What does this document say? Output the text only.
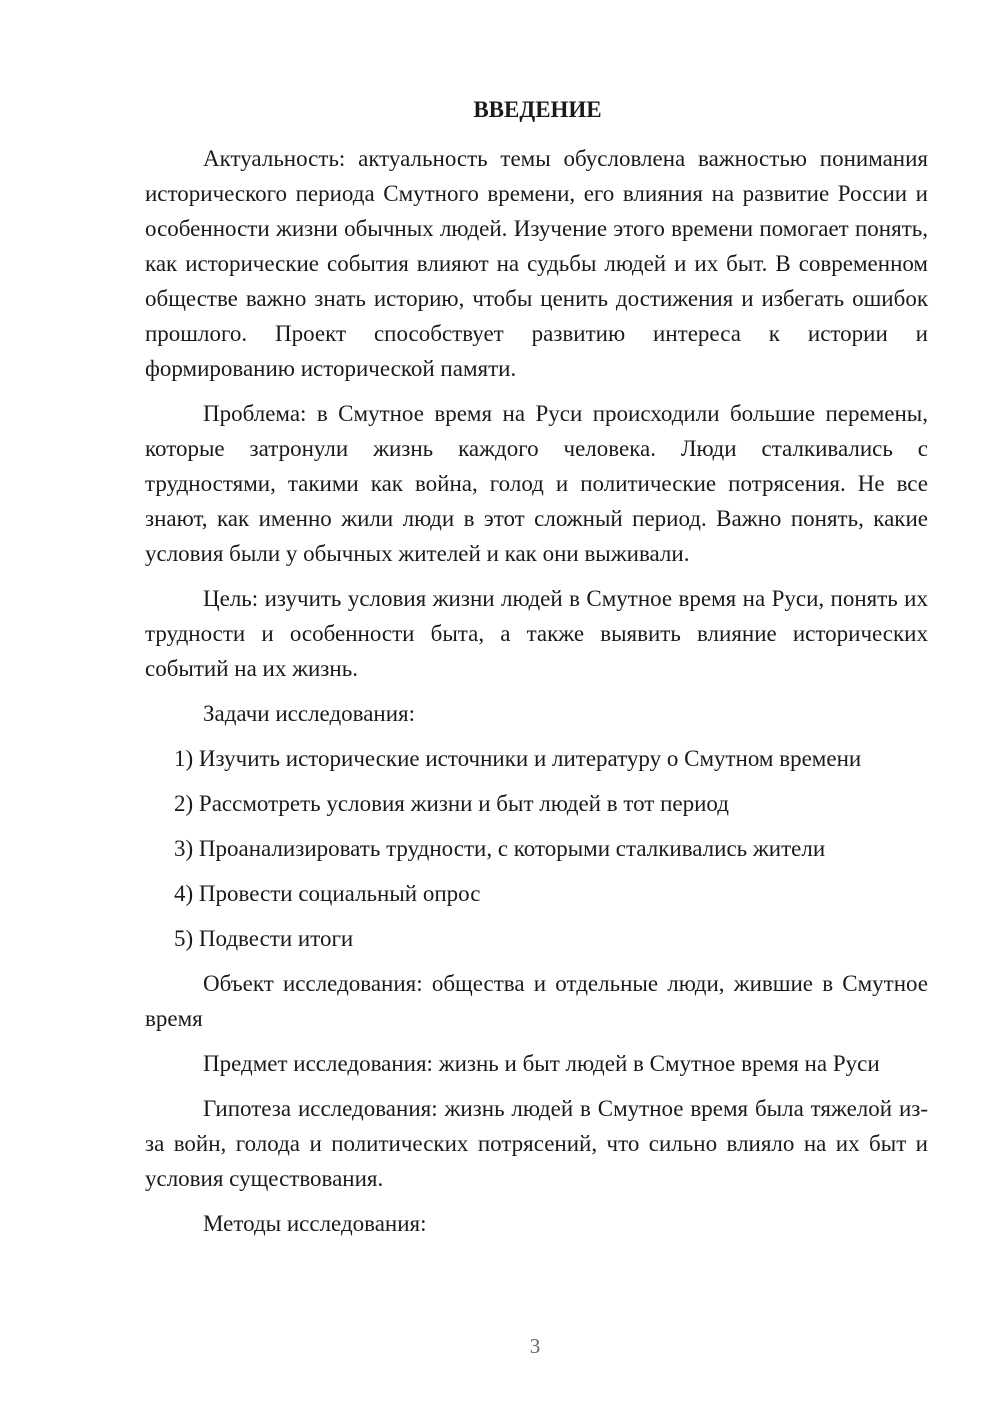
ВВЕДЕНИЕ

Актуальность: актуальность темы обусловлена важностью понимания исторического периода Смутного времени, его влияния на развитие России и особенности жизни обычных людей. Изучение этого времени помогает понять, как исторические события влияют на судьбы людей и их быт. В современном обществе важно знать историю, чтобы ценить достижения и избегать ошибок прошлого. Проект способствует развитию интереса к истории и формированию исторической памяти.

Проблема: в Смутное время на Руси происходили большие перемены, которые затронули жизнь каждого человека. Люди сталкивались с трудностями, такими как война, голод и политические потрясения. Не все знают, как именно жили люди в этот сложный период. Важно понять, какие условия были у обычных жителей и как они выживали.

Цель: изучить условия жизни людей в Смутное время на Руси, понять их трудности и особенности быта, а также выявить влияние исторических событий на их жизнь.

Задачи исследования:

1) Изучить исторические источники и литературу о Смутном времени
2) Рассмотреть условия жизни и быт людей в тот период
3) Проанализировать трудности, с которыми сталкивались жители
4) Провести социальный опрос
5) Подвести итоги

Объект исследования: общества и отдельные люди, жившие в Смутное время

Предмет исследования: жизнь и быт людей в Смутное время на Руси

Гипотеза исследования: жизнь людей в Смутное время была тяжелой из-за войн, голода и политических потрясений, что сильно влияло на их быт и условия существования.

Методы исследования:

3
